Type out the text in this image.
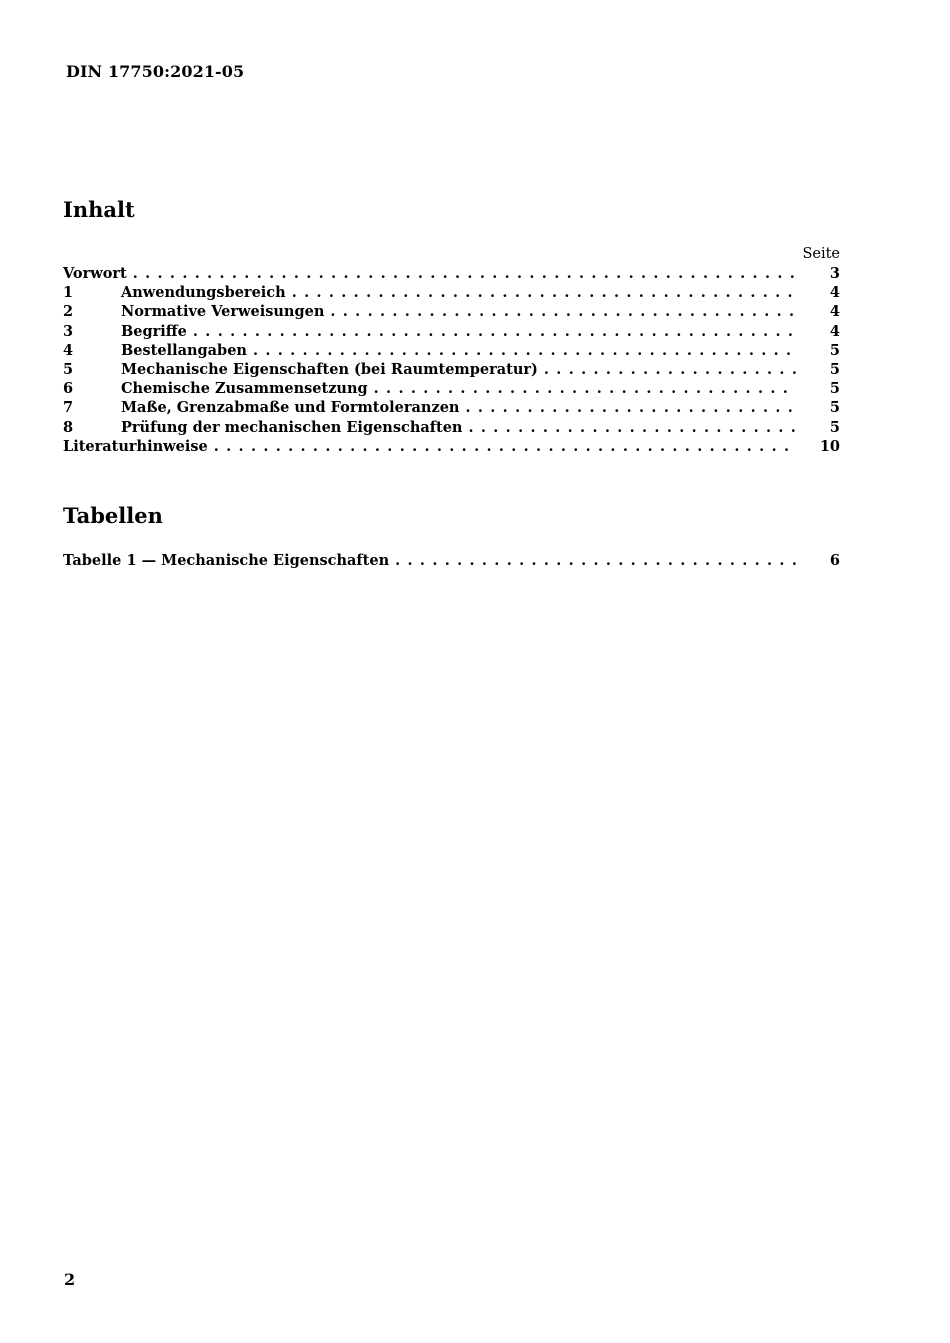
DIN 17750:2021-05
Inhalt
Seite
Vorwort . . .	3
1	Anwendungsbereich . . .	4
2	Normative Verweisungen . . .	4
3	Begriffe . . .	4
4	Bestellangaben . . .	5
5	Mechanische Eigenschaften (bei Raumtemperatur) . . .	5
6	Chemische Zusammensetzung . . .	5
7	Maße, Grenzabmaße und Formtoleranzen . . .	5
8	Prüfung der mechanischen Eigenschaften . . .	5
Literaturhinweise . . .	10
Tabellen
Tabelle 1 — Mechanische Eigenschaften . . .	6
2
